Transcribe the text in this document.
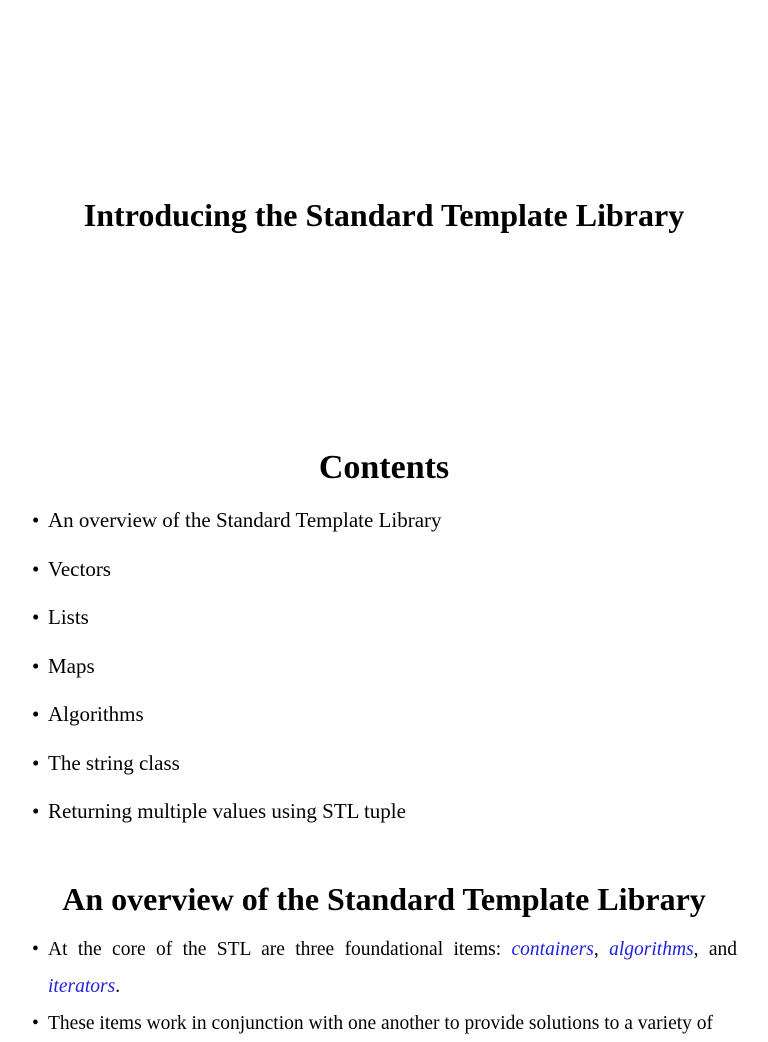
Introducing the Standard Template Library
Contents
• An overview of the Standard Template Library
• Vectors
• Lists
• Maps
• Algorithms
• The string class
• Returning multiple values using STL tuple
An overview of the Standard Template Library

• At the core of the STL are three foundational items: containers, algorithms, and iterators.

• These items work in conjunction with one another to provide solutions to a variety of
